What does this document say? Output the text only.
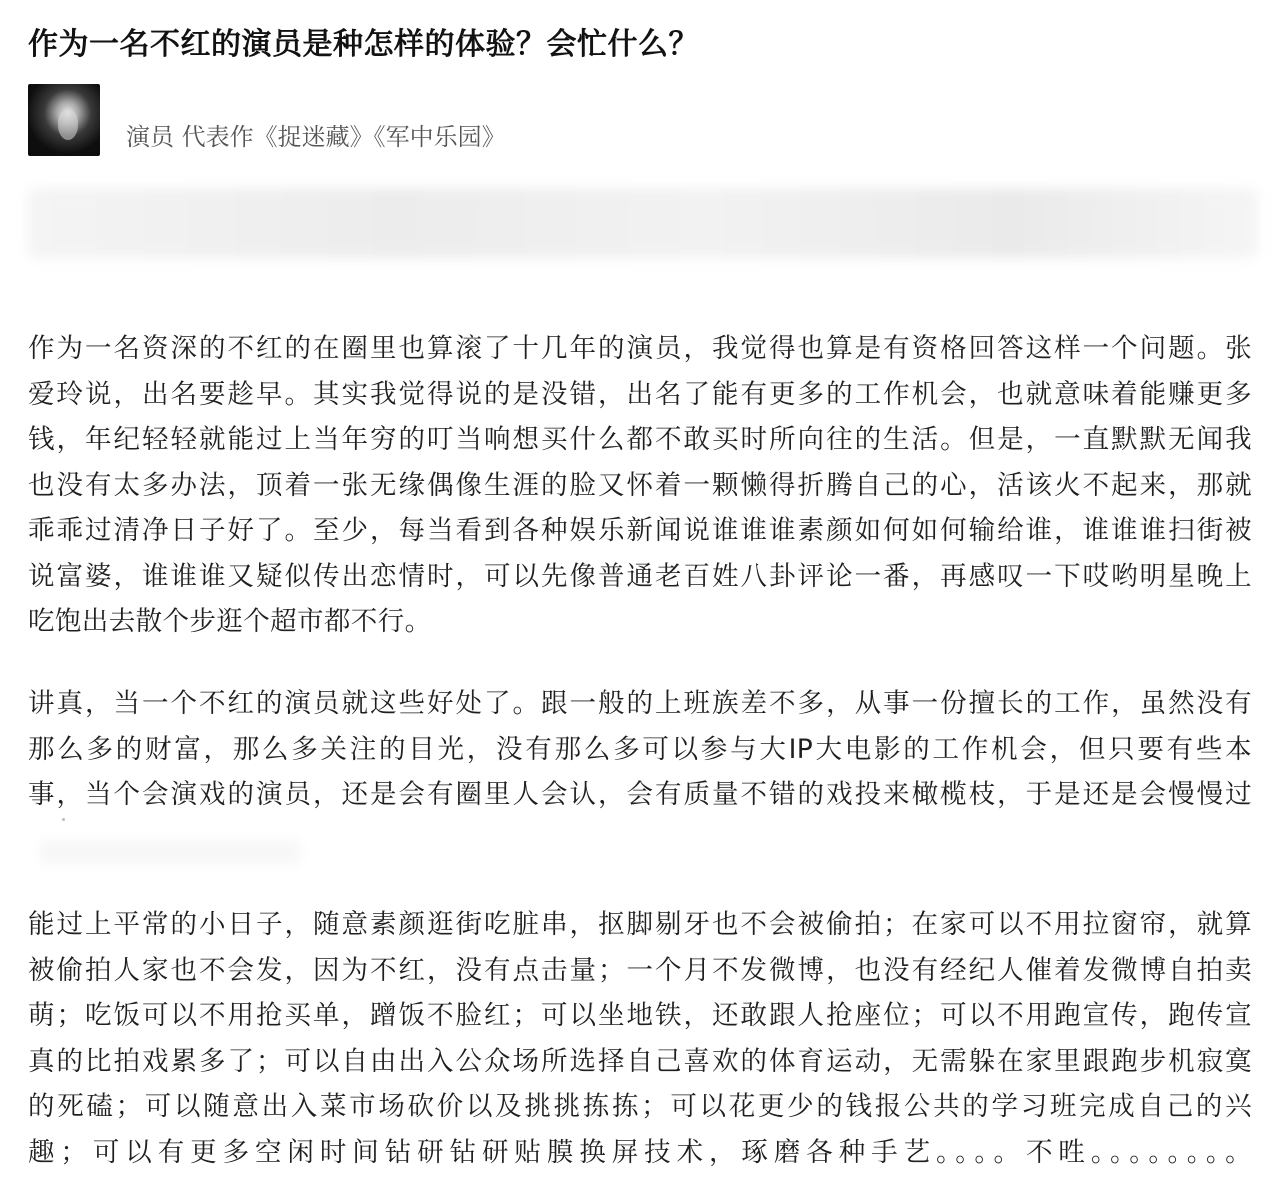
作为一名不红的演员是种怎样的体验？会忙什么？
演员 代表作《捉迷藏》《军中乐园》
作为一名资深的不红的在圈里也算滚了十几年的演员，我觉得也算是有资格回答这样一个问题。张
爱玲说，出名要趁早。其实我觉得说的是没错，出名了能有更多的工作机会，也就意味着能赚更多
钱，年纪轻轻就能过上当年穷的叮当响想买什么都不敢买时所向往的生活。但是，一直默默无闻我
也没有太多办法，顶着一张无缘偶像生涯的脸又怀着一颗懒得折腾自己的心，活该火不起来，那就
乖乖过清净日子好了。至少，每当看到各种娱乐新闻说谁谁谁素颜如何如何输给谁，谁谁谁扫街被
说富婆，谁谁谁又疑似传出恋情时，可以先像普通老百姓八卦评论一番，再感叹一下哎哟明星晚上
吃饱出去散个步逛个超市都不行。
讲真，当一个不红的演员就这些好处了。跟一般的上班族差不多，从事一份擅长的工作，虽然没有
那么多的财富，那么多关注的目光，没有那么多可以参与大IP大电影的工作机会，但只要有些本
事，当个会演戏的演员，还是会有圈里人会认，会有质量不错的戏投来橄榄枝，于是还是会慢慢过
能过上平常的小日子，随意素颜逛街吃脏串，抠脚剔牙也不会被偷拍；在家可以不用拉窗帘，就算
被偷拍人家也不会发，因为不红，没有点击量；一个月不发微博，也没有经纪人催着发微博自拍卖
萌；吃饭可以不用抢买单，蹭饭不脸红；可以坐地铁，还敢跟人抢座位；可以不用跑宣传，跑传宣
真的比拍戏累多了；可以自由出入公众场所选择自己喜欢的体育运动，无需躲在家里跟跑步机寂寞
的死磕；可以随意出入菜市场砍价以及挑挑拣拣；可以花更少的钱报公共的学习班完成自己的兴
趣；可以有更多空闲时间钻研钻研贴膜换屏技术，琢磨各种手艺。。。。不甠。。。。。。。。
